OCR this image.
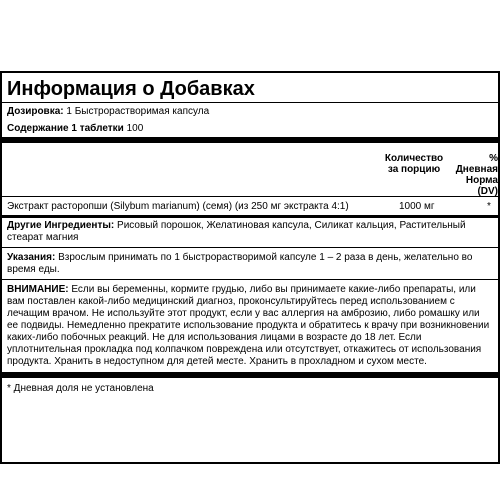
Информация о Добавках
Дозировка: 1 Быстрорастворимая капсула
Содержание 1 таблетки 100
Количество
за порцию
%
Дневная
Норма
(DV)
Экстракт расторопши (Silybum marianum) (семя) (из 250 мг экстракта 4:1)	1000 мг	*
Другие Ингредиенты: Рисовый порошок, Желатиновая капсула, Силикат кальция, Растительный стеарат магния
Указания: Взрослым принимать по 1 быстрорастворимой капсуле 1 – 2 раза в день, желательно во время еды.
ВНИМАНИЕ: Если вы беременны, кормите грудью, либо вы принимаете какие-либо препараты, или вам поставлен какой-либо медицинский диагноз, проконсультируйтесь перед использованием с лечащим врачом. Не используйте этот продукт, если у вас аллергия на амброзию, либо ромашку или ее подвиды. Немедленно прекратите использование продукта и обратитесь к врачу при возникновении каких-либо побочных реакций. Не для использования лицами в возрасте до 18 лет. Если уплотнительная прокладка под колпачком повреждена или отсутствует, откажитесь от использования продукта. Хранить в недоступном для детей месте. Хранить в прохладном и сухом месте.
* Дневная доля не установлена
